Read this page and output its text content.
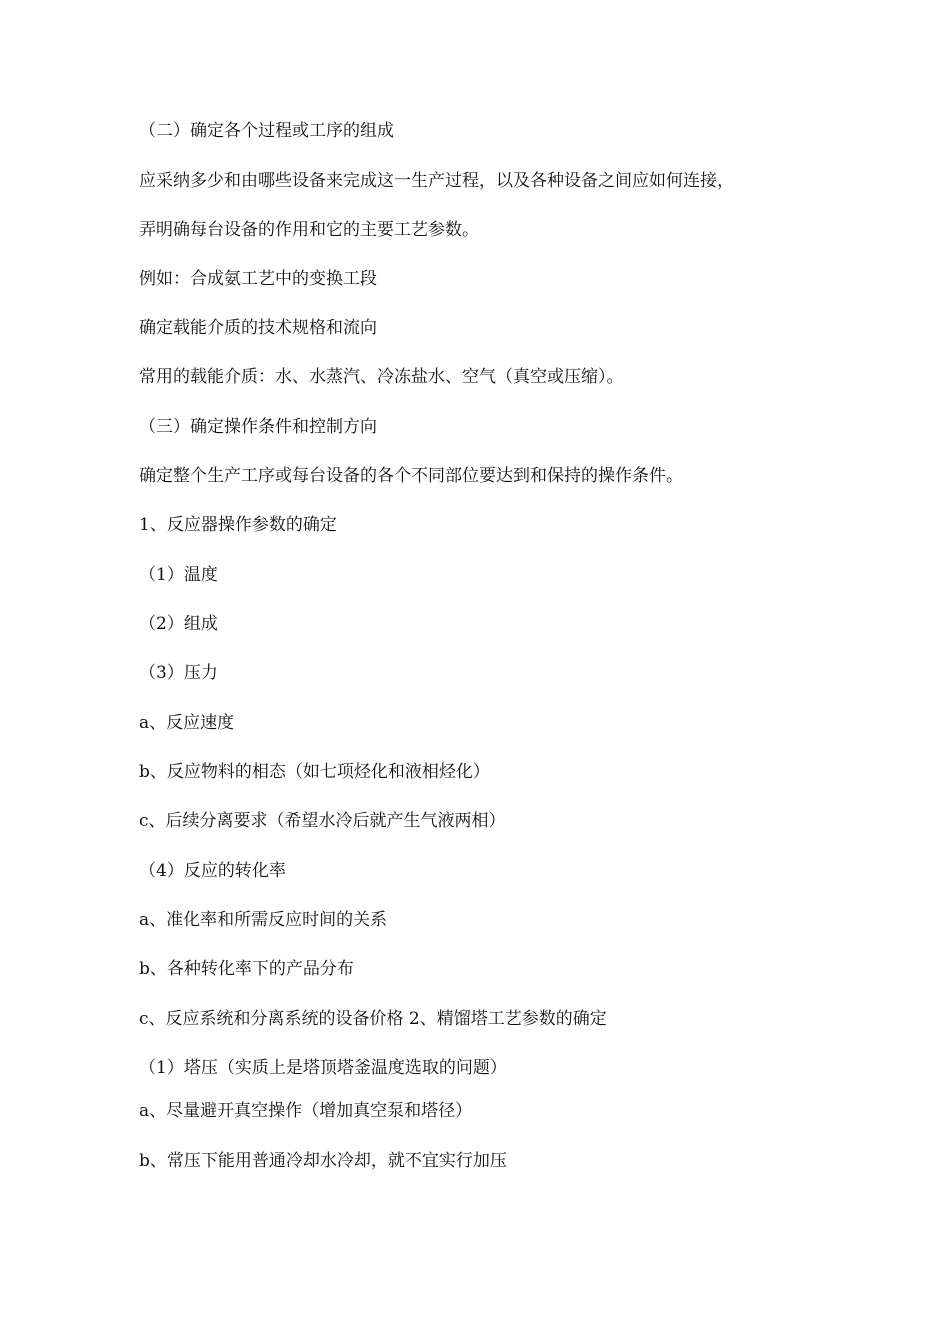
（二）确定各个过程或工序的组成

应采纳多少和由哪些设备来完成这一生产过程，以及各种设备之间应如何连接，

弄明确每台设备的作用和它的主要工艺参数。

例如：合成氨工艺中的变换工段

确定载能介质的技术规格和流向

常用的载能介质：水、水蒸汽、冷冻盐水、空气（真空或压缩）。

（三）确定操作条件和控制方向

确定整个生产工序或每台设备的各个不同部位要达到和保持的操作条件。

1、反应器操作参数的确定

（1）温度

（2）组成

（3）压力

a、反应速度

b、反应物料的相态（如七项烃化和液相烃化）

c、后续分离要求（希望水冷后就产生气液两相）

（4）反应的转化率

a、准化率和所需反应时间的关系

b、各种转化率下的产品分布

c、反应系统和分离系统的设备价格 2、精馏塔工艺参数的确定

（1）塔压（实质上是塔顶塔釜温度选取的问题）

a、尽量避开真空操作（增加真空泵和塔径）

b、常压下能用普通冷却水冷却，就不宜实行加压
